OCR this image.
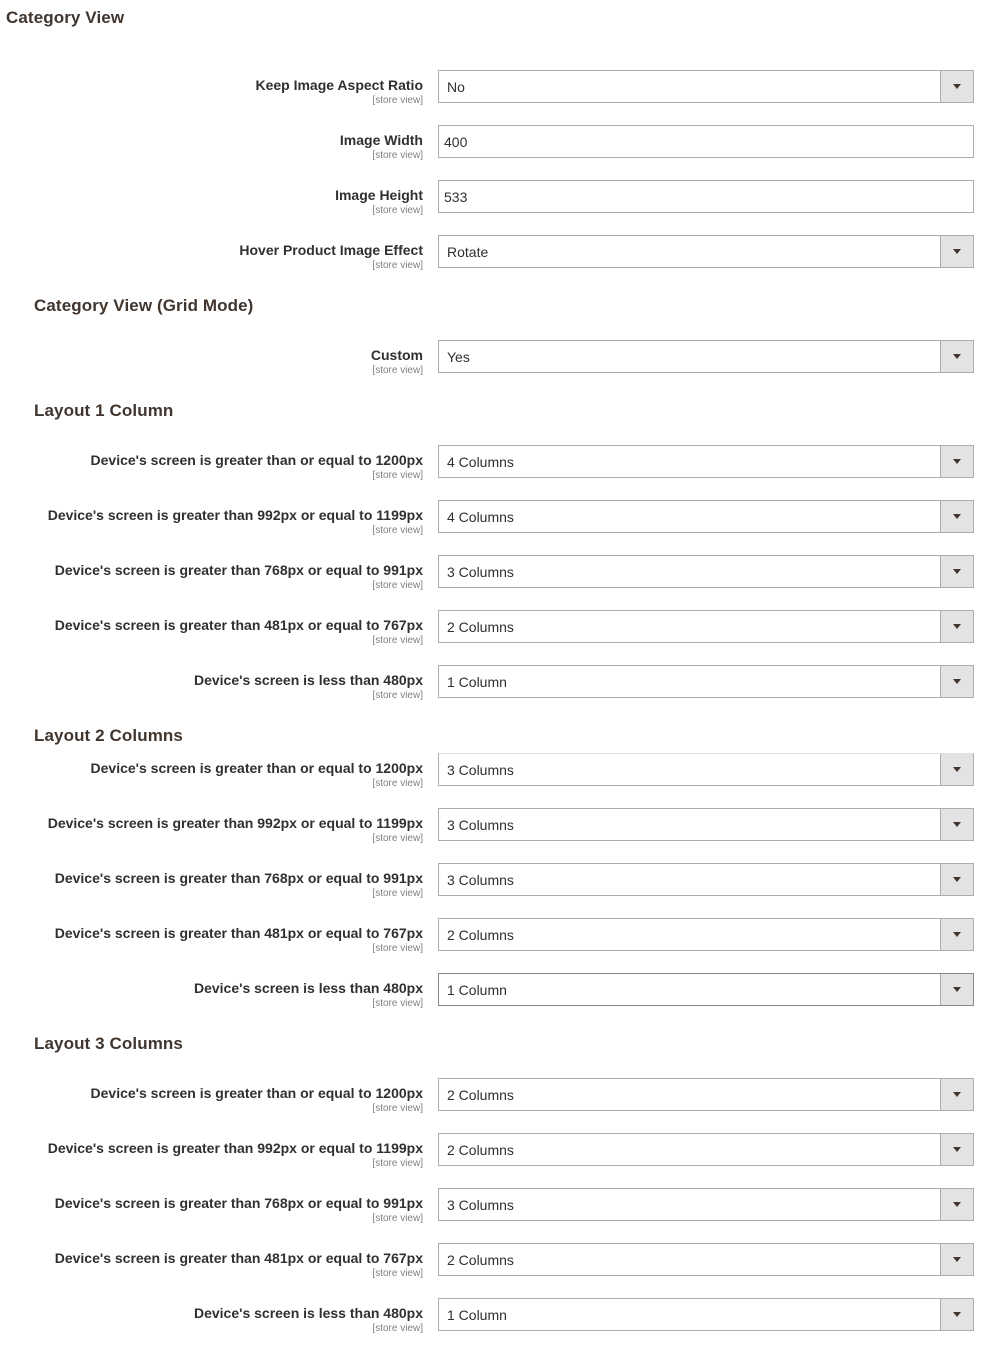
Category View
Keep Image Aspect Ratio
[store view]
No
Image Width
[store view]
400
Image Height
[store view]
533
Hover Product Image Effect
[store view]
Rotate
Category View (Grid Mode)
Custom
[store view]
Yes
Layout 1 Column
Device's screen is greater than or equal to 1200px
[store view]
4 Columns
Device's screen is greater than 992px or equal to 1199px
[store view]
4 Columns
Device's screen is greater than 768px or equal to 991px
[store view]
3 Columns
Device's screen is greater than 481px or equal to 767px
[store view]
2 Columns
Device's screen is less than 480px
[store view]
1 Column
Layout 2 Columns
Device's screen is greater than or equal to 1200px
[store view]
3 Columns
Device's screen is greater than 992px or equal to 1199px
[store view]
3 Columns
Device's screen is greater than 768px or equal to 991px
[store view]
3 Columns
Device's screen is greater than 481px or equal to 767px
[store view]
2 Columns
Device's screen is less than 480px
[store view]
1 Column
Layout 3 Columns
Device's screen is greater than or equal to 1200px
[store view]
2 Columns
Device's screen is greater than 992px or equal to 1199px
[store view]
2 Columns
Device's screen is greater than 768px or equal to 991px
[store view]
3 Columns
Device's screen is greater than 481px or equal to 767px
[store view]
2 Columns
Device's screen is less than 480px
[store view]
1 Column
